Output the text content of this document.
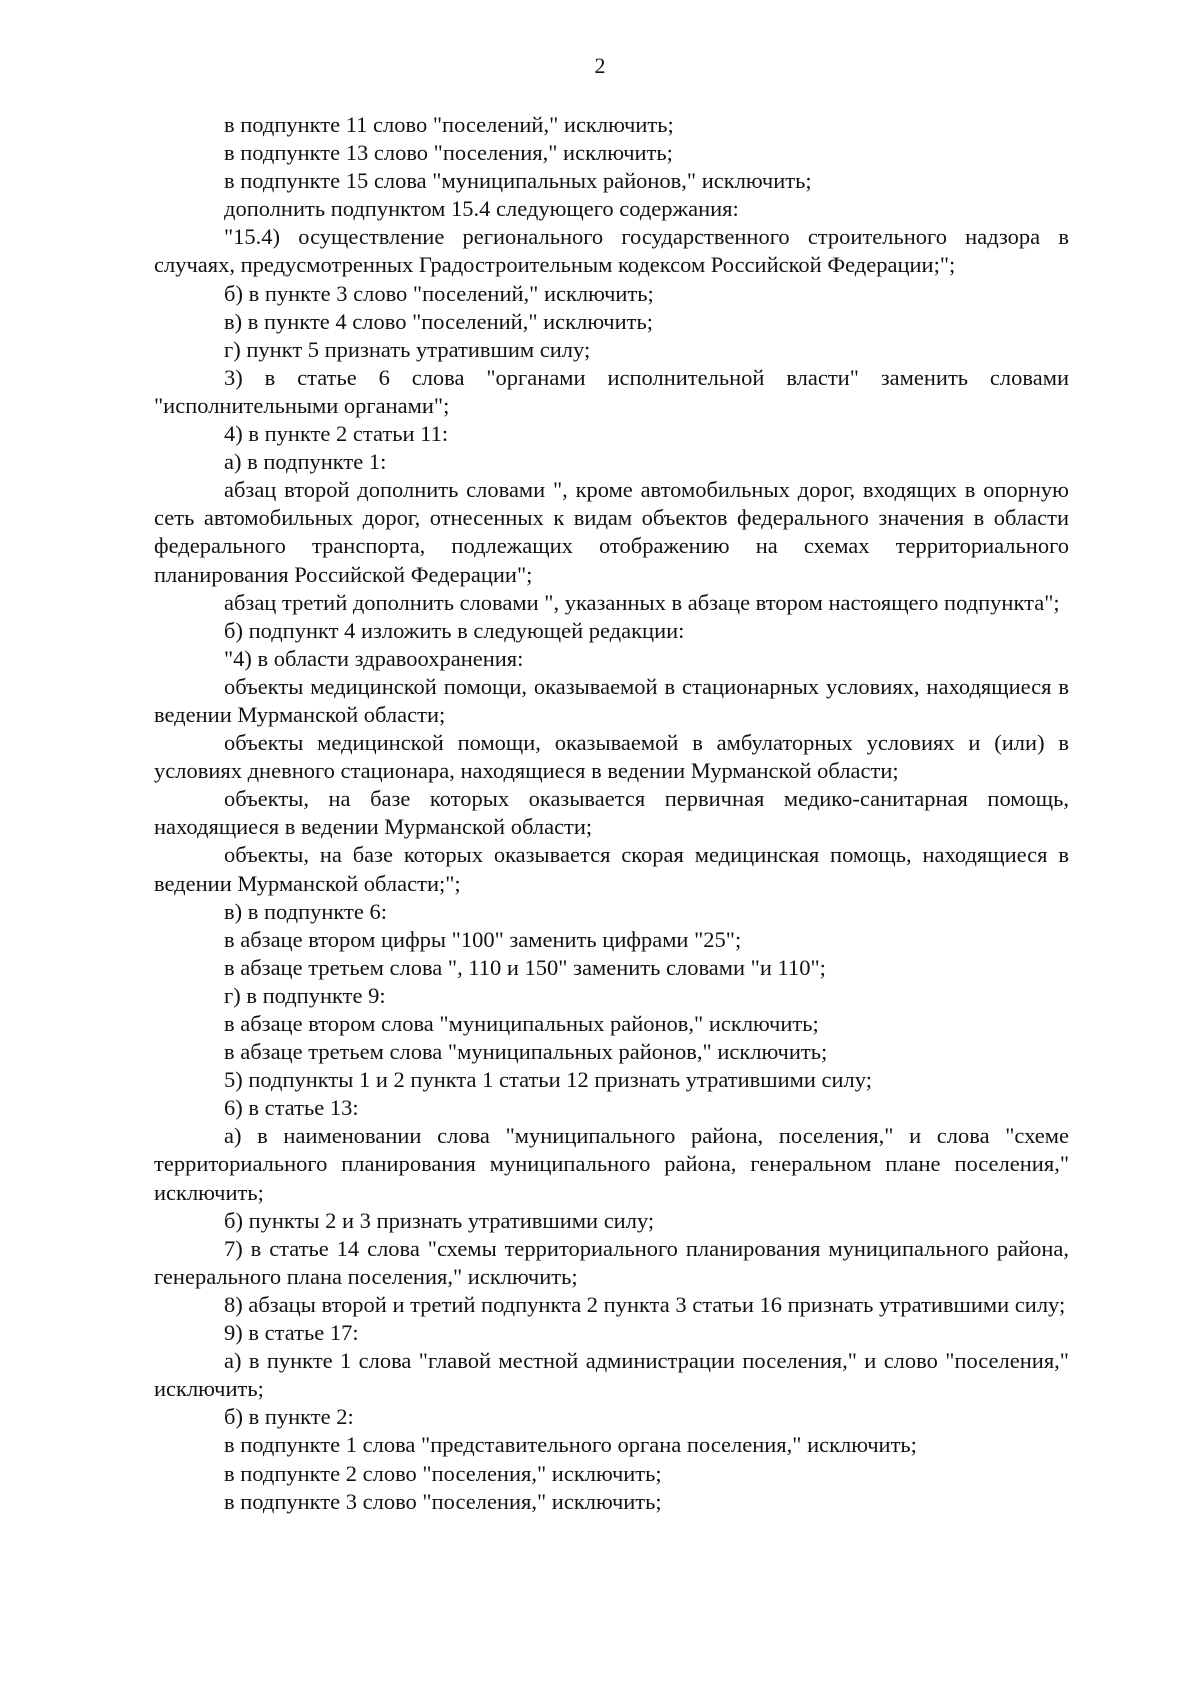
2

в подпункте 11 слово "поселений," исключить;

в подпункте 13 слово "поселения," исключить;

в подпункте 15 слова "муниципальных районов," исключить;

дополнить подпунктом 15.4 следующего содержания:

"15.4) осуществление регионального государственного строительного надзора в случаях, предусмотренных Градостроительным кодексом Российской Федерации;";

б) в пункте 3 слово "поселений," исключить;

в) в пункте 4 слово "поселений," исключить;

г) пункт 5 признать утратившим силу;

3) в статье 6 слова "органами исполнительной власти" заменить словами "исполнительными органами";

4) в пункте 2 статьи 11:

а) в подпункте 1:

абзац второй дополнить словами ", кроме автомобильных дорог, входящих в опорную сеть автомобильных дорог, отнесенных к видам объектов федерального значения в области федерального транспорта, подлежащих отображению на схемах территориального планирования Российской Федерации";

абзац третий дополнить словами ", указанных в абзаце втором настоящего подпункта";

б) подпункт 4 изложить в следующей редакции:

"4) в области здравоохранения:

объекты медицинской помощи, оказываемой в стационарных условиях, находящиеся в ведении Мурманской области;

объекты медицинской помощи, оказываемой в амбулаторных условиях и (или) в условиях дневного стационара, находящиеся в ведении Мурманской области;

объекты, на базе которых оказывается первичная медико-санитарная помощь, находящиеся в ведении Мурманской области;

объекты, на базе которых оказывается скорая медицинская помощь, находящиеся в ведении Мурманской области;";

в) в подпункте 6:

в абзаце втором цифры "100" заменить цифрами "25";

в абзаце третьем слова ", 110 и 150" заменить словами "и 110";

г) в подпункте 9:

в абзаце втором слова "муниципальных районов," исключить;

в абзаце третьем слова "муниципальных районов," исключить;

5) подпункты 1 и 2 пункта 1 статьи 12 признать утратившими силу;

6) в статье 13:

а) в наименовании слова "муниципального района, поселения," и слова "схеме территориального планирования муниципального района, генеральном плане поселения," исключить;

б) пункты 2 и 3 признать утратившими силу;

7) в статье 14 слова "схемы территориального планирования муниципального района, генерального плана поселения," исключить;

8) абзацы второй и третий подпункта 2 пункта 3 статьи 16 признать утратившими силу;

9) в статье 17:

а) в пункте 1 слова "главой местной администрации поселения," и слово "поселения," исключить;

б) в пункте 2:

в подпункте 1 слова "представительного органа поселения," исключить;

в подпункте 2 слово "поселения," исключить;

в подпункте 3 слово "поселения," исключить;
